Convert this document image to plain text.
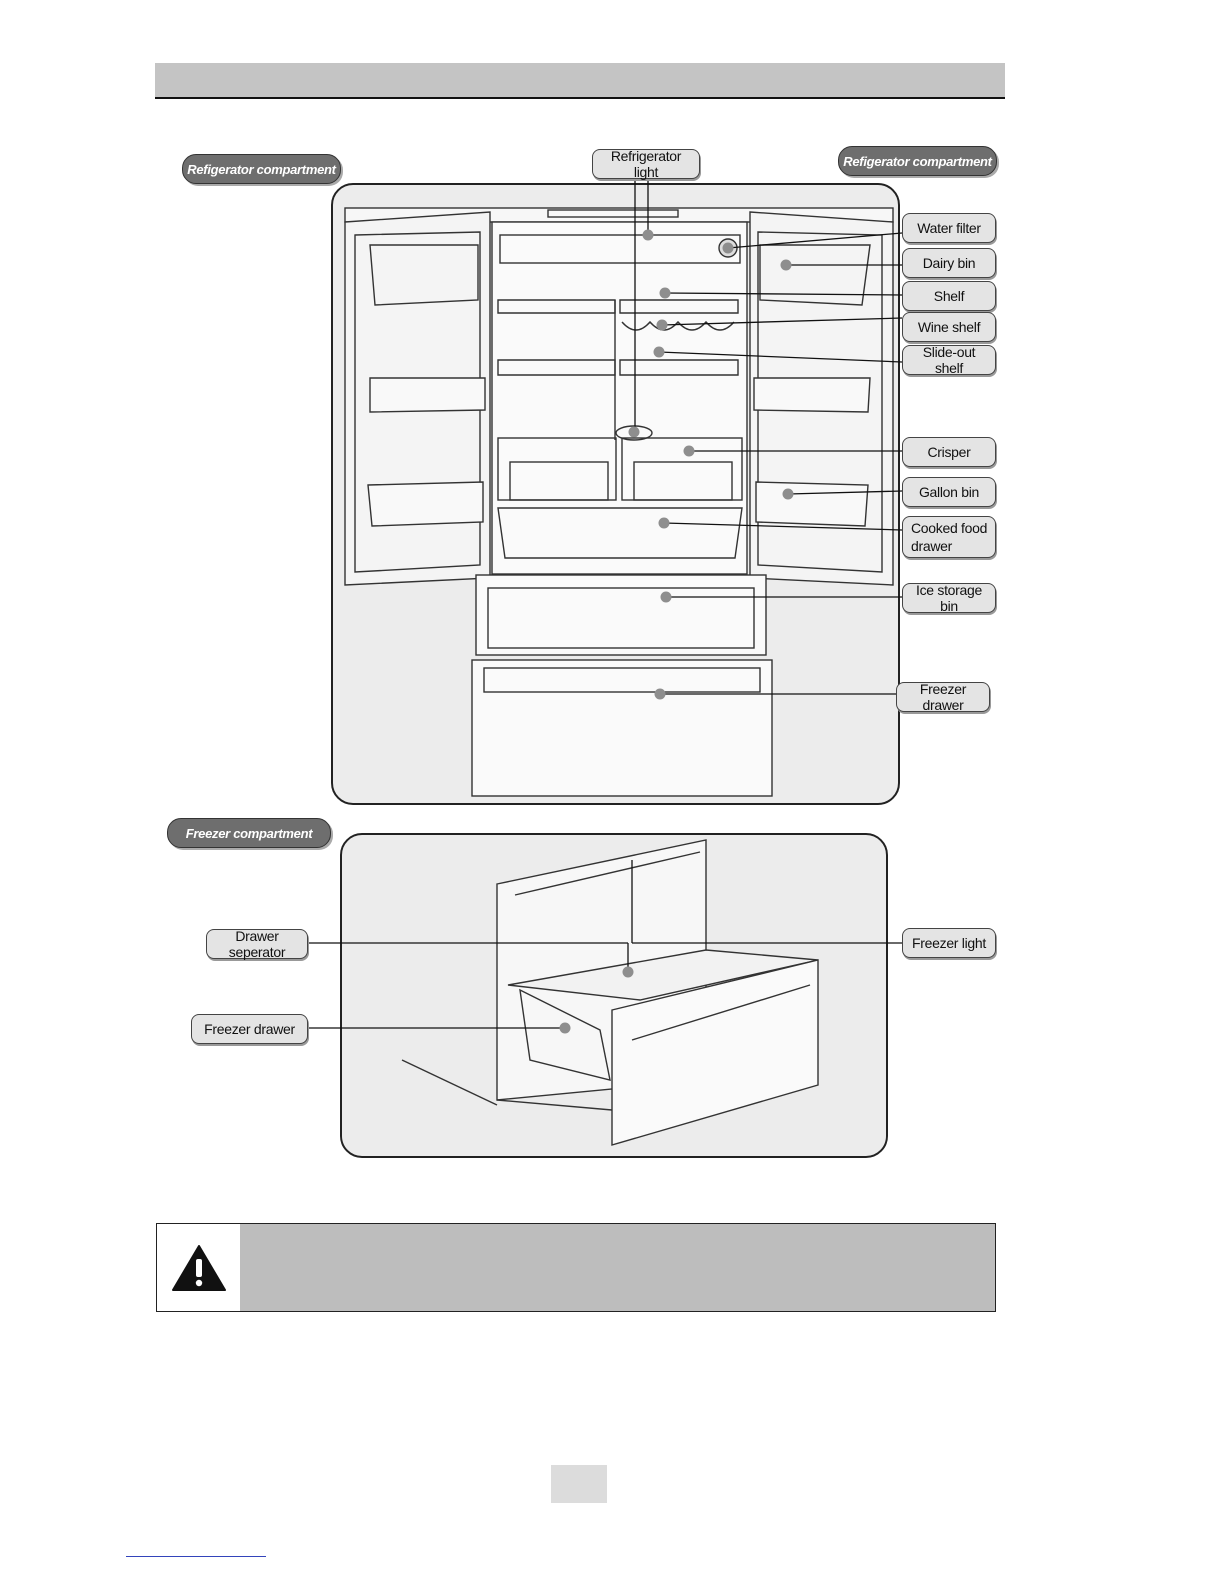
Refigerator compartment
Refigerator compartment
Freezer compartment
Refrigerator light
Water filter
Dairy bin
Shelf
Wine shelf
Slide-out shelf
Crisper
Gallon bin
Cooked food
drawer
Ice storage bin
Freezer drawer
Drawer seperator
Freezer light
Freezer drawer
